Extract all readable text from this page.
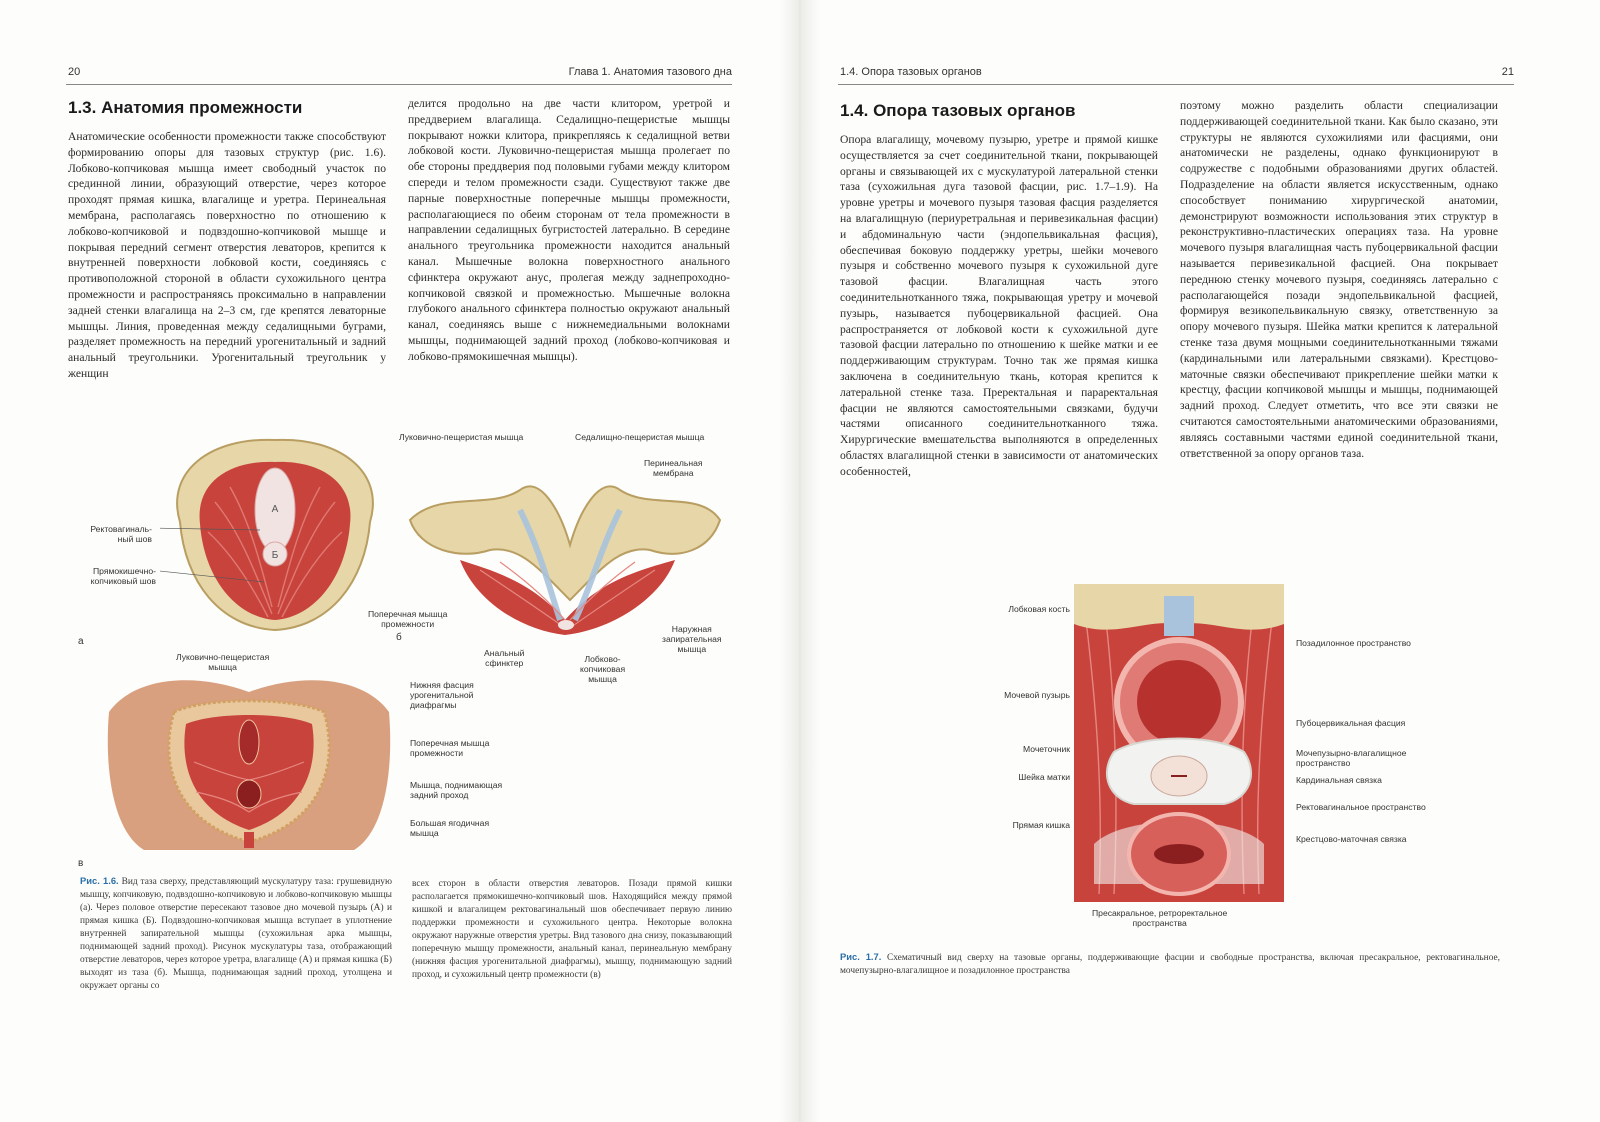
20	Глава 1. Анатомия тазового дна
1.3. Анатомия промежности

Анатомические особенности промежности также способствуют формированию опоры для тазовых структур (рис. 1.6). Лобково-копчиковая мышца имеет свободный участок по срединной линии, образующий отверстие, через которое проходят прямая кишка, влагалище и уретра. Перинеальная мембрана, располагаясь поверхностно по отношению к лобково-копчиковой и подвздошно-копчиковой мышце и покрывая передний сегмент отверстия леваторов, крепится к внутренней поверхности лобковой кости, соединяясь с противоположной стороной в области сухожильного центра промежности и распространяясь проксимально в направлении задней стенки влагалища на 2–3 см, где крепятся леваторные мышцы. Линия, проведенная между седалищными буграми, разделяет промежность на передний урогенитальный и задний анальный треугольники. Урогенитальный треугольник у женщин

делится продольно на две части клитором, уретрой и преддверием влагалища. Седалищно-пещеристые мышцы покрывают ножки клитора, прикрепляясь к седалищной ветви лобковой кости. Луковично-пещеристая мышца пролегает по обе стороны преддверия под половыми губами между клитором спереди и телом промежности сзади. Существуют также две парные поверхностные поперечные мышцы промежности, располагающиеся по обеим сторонам от тела промежности в направлении седалищных бугристостей латерально. В середине анального треугольника промежности находится анальный канал. Мышечные волокна поверхностного анального сфинктера окружают анус, пролегая между заднепроходно-копчиковой связкой и промежностью. Мышечные волокна глубокого анального сфинктера полностью окружают анальный канал, соединяясь выше с нижнемедиальными волокнами мышцы, поднимающей задний проход (лобково-копчиковая и лобково-прямокишечная мышцы).

А
Б
Ректовагиналь-
ный шов
Прямокишечно-
копчиковый шов
а
Луковично-пещеристая мышца	Седалищно-пещеристая мышца
Перинеальная
мембрана
Поперечная мышца
промежности
б
Анальный
сфинктер	Лобково-
копчиковая
мышца
Наружная
запирательная
мышца
Луковично-пещеристая
мышца
Нижняя фасция
урогенитальной
диафрагмы
Поперечная мышца
промежности
Мышца, поднимающая
задний проход
Большая ягодичная
мышца
в

Рис. 1.6. Вид таза сверху, представляющий мускулатуру таза: грушевидную мышцу, копчиковую, подвздошно-копчиковую и лобково-копчиковую мышцы (а). Через половое отверстие пересекают тазовое дно мочевой пузырь (А) и прямая кишка (Б). Подвздошно-копчиковая мышца вступает в уплотнение внутренней запирательной мышцы (сухожильная арка мышцы, поднимающей задний проход). Рисунок мускулатуры таза, отображающий отверстие леваторов, через которое уретра, влагалище (А) и прямая кишка (Б) выходят из таза (б). Мышца, поднимающая задний проход, утолщена и окружает органы со

всех сторон в области отверстия леваторов. Позади прямой кишки располагается прямокишечно-копчиковый шов. Находящийся между прямой кишкой и влагалищем ректовагинальный шов обеспечивает первую линию поддержки промежности и сухожильного центра. Некоторые волокна окружают наружные отверстия уретры. Вид тазового дна снизу, показывающий поперечную мышцу промежности, анальный канал, перинеальную мембрану (нижняя фасция урогенитальной диафрагмы), мышцу, поднимающую задний проход, и сухожильный центр промежности (в)

1.4. Опора тазовых органов	21
1.4. Опора тазовых органов

Опора влагалищу, мочевому пузырю, уретре и прямой кишке осуществляется за счет соединительной ткани, покрывающей органы и связывающей их с мускулатурой латеральной стенки таза (сухожильная дуга тазовой фасции, рис. 1.7–1.9). На уровне уретры и мочевого пузыря тазовая фасция разделяется на влагалищную (периуретральная и перивезикальная фасции) и абдоминальную части (эндопельвикальная фасция), обеспечивая боковую поддержку уретры, шейки мочевого пузыря и собственно мочевого пузыря к сухожильной дуге тазовой фасции. Влагалищная часть этого соединительнотканного тяжа, покрывающая уретру и мочевой пузырь, называется пубоцервикальной фасцией. Она распространяется от лобковой кости к сухожильной дуге тазовой фасции латерально по отношению к шейке матки и ее поддерживающим структурам. Точно так же прямая кишка заключена в соединительную ткань, которая крепится к латеральной стенке таза. Преректальная и параректальная фасции не являются самостоятельными связками, будучи частями описанного соединительнотканного тяжа. Хирургические вмешательства выполняются в определенных областях влагалищной стенки в зависимости от анатомических особенностей,

поэтому можно разделить области специализации поддерживающей соединительной ткани. Как было сказано, эти структуры не являются сухожилиями или фасциями, они анатомически не разделены, однако функционируют в содружестве с подобными образованиями других областей. Подразделение на области является искусственным, однако способствует пониманию хирургической анатомии, демонстрируют возможности использования этих структур в реконструктивно-пластических операциях таза. На уровне мочевого пузыря влагалищная часть пубоцервикальной фасции называется перивезикальной фасцией. Она покрывает переднюю стенку мочевого пузыря, соединяясь латерально с располагающейся позади эндопельвикальной фасцией, формируя везикопельвикальную связку, ответственную за опору мочевого пузыря. Шейка матки крепится к латеральной стенке таза двумя мощными соединительнотканными тяжами (кардинальными или латеральными связками). Крестцово-маточные связки обеспечивают прикрепление шейки матки к крестцу, фасции копчиковой мышцы и мышцы, поднимающей задний проход. Следует отметить, что все эти связки не считаются самостоятельными анатомическими образованиями, являясь составными частями единой соединительной ткани, ответственной за опору органов таза.

Лобковая кость
Мочевой пузырь
Мочеточник
Шейка матки
Прямая кишка
Позадилонное пространство
Пубоцервикальная фасция
Мочепузырно-влагалищное
пространство
Кардинальная связка
Ректовагинальное пространство
Крестцово-маточная связка
Пресакральное, ретроректальное
пространства

Рис. 1.7. Схематичный вид сверху на тазовые органы, поддерживающие фасции и свободные пространства, включая пресакральное, ректовагинальное, мочепузырно-влагалищное и позадилонное пространства
